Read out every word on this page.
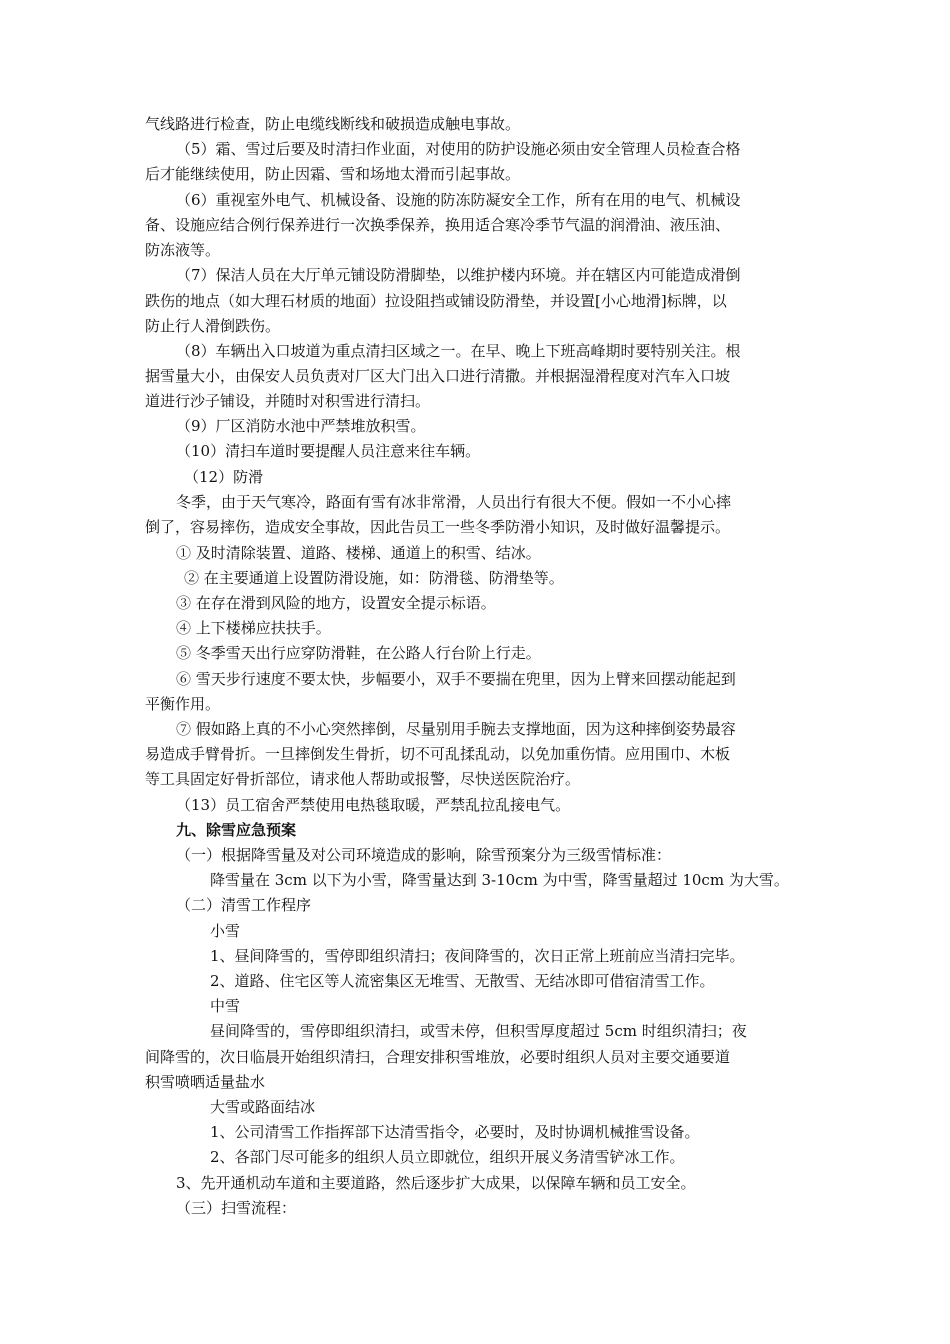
气线路进行检查，防止电缆线断线和破损造成触电事故。
（5）霜、雪过后要及时清扫作业面，对使用的防护设施必须由安全管理人员检查合格
后才能继续使用，防止因霜、雪和场地太滑而引起事故。
（6）重视室外电气、机械设备、设施的防冻防凝安全工作，所有在用的电气、机械设
备、设施应结合例行保养进行一次换季保养，换用适合寒冷季节气温的润滑油、液压油、
防冻液等。
（7）保洁人员在大厅单元铺设防滑脚垫，以维护楼内环境。并在辖区内可能造成滑倒
跌伤的地点（如大理石材质的地面）拉设阻挡或铺设防滑垫，并设置[小心地滑]标牌，以
防止行人滑倒跌伤。
（8）车辆出入口坡道为重点清扫区域之一。在早、晚上下班高峰期时要特别关注。根
据雪量大小，由保安人员负责对厂区大门出入口进行清撒。并根据湿滑程度对汽车入口坡
道进行沙子铺设，并随时对积雪进行清扫。
（9）厂区消防水池中严禁堆放积雪。
（10）清扫车道时要提醒人员注意来往车辆。
（12）防滑
冬季，由于天气寒冷，路面有雪有冰非常滑，人员出行有很大不便。假如一不小心摔
倒了，容易摔伤，造成安全事故，因此告员工一些冬季防滑小知识，及时做好温馨提示。
① 及时清除装置、道路、楼梯、通道上的积雪、结冰。
② 在主要通道上设置防滑设施，如：防滑毯、防滑垫等。
③ 在存在滑到风险的地方，设置安全提示标语。
④ 上下楼梯应扶扶手。
⑤ 冬季雪天出行应穿防滑鞋，在公路人行台阶上行走。
⑥ 雪天步行速度不要太快，步幅要小，双手不要揣在兜里，因为上臂来回摆动能起到
平衡作用。
⑦ 假如路上真的不小心突然摔倒，尽量别用手腕去支撑地面，因为这种摔倒姿势最容
易造成手臂骨折。一旦摔倒发生骨折，切不可乱揉乱动，以免加重伤情。应用围巾、木板
等工具固定好骨折部位，请求他人帮助或报警，尽快送医院治疗。
（13）员工宿舍严禁使用电热毯取暖，严禁乱拉乱接电气。
九、除雪应急预案
（一）根据降雪量及对公司环境造成的影响，除雪预案分为三级雪情标准：
降雪量在 3cm 以下为小雪，降雪量达到 3-10cm 为中雪，降雪量超过 10cm 为大雪。
（二）清雪工作程序
小雪
1、昼间降雪的，雪停即组织清扫；夜间降雪的，次日正常上班前应当清扫完毕。
2、道路、住宅区等人流密集区无堆雪、无散雪、无结冰即可借宿清雪工作。
中雪
昼间降雪的，雪停即组织清扫，或雪未停，但积雪厚度超过 5cm 时组织清扫；夜
间降雪的，次日临晨开始组织清扫，合理安排积雪堆放，必要时组织人员对主要交通要道
积雪喷晒适量盐水
大雪或路面结冰
1、公司清雪工作指挥部下达清雪指令，必要时，及时协调机械推雪设备。
2、各部门尽可能多的组织人员立即就位，组织开展义务清雪铲冰工作。
3、先开通机动车道和主要道路，然后逐步扩大成果，以保障车辆和员工安全。
（三）扫雪流程：
